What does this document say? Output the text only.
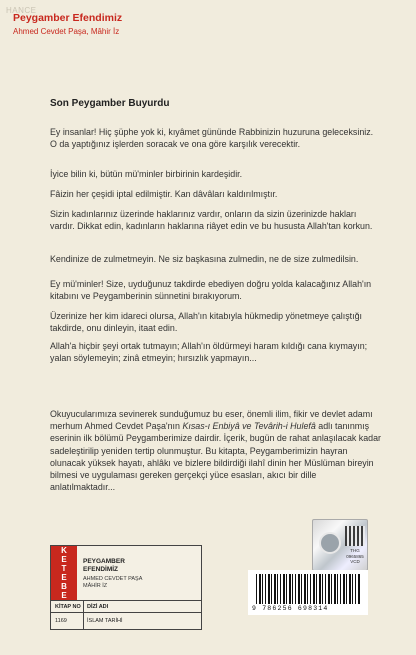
HANCE
Peygamber Efendimiz
Ahmed Cevdet Paşa, Mâhir İz
Son Peygamber Buyurdu

Ey insanlar! Hiç şüphe yok ki, kıyâmet gününde Rabbinizin huzuruna geleceksiniz. O da yaptığınız işlerden soracak ve ona göre karşılık verecektir.

İyice bilin ki, bütün mü'minler birbirinin kardeşidir.

Fâizin her çeşidi iptal edilmiştir. Kan dâvâları kaldırılmıştır.

Sizin kadınlarınız üzerinde haklarınız vardır, onların da sizin üzerinizde hakları vardır. Dikkat edin, kadınların haklarına riâyet edin ve bu hususta Allah'tan korkun.

Kendinize de zulmetmeyin. Ne siz başkasına zulmedin, ne de size zulmedilsin.

Ey mü'minler! Size, uyduğunuz takdirde ebediyen doğru yolda kalacağınız Allah'ın kitabını ve Peygamberinin sünnetini bırakıyorum.

Üzerinize her kim idareci olursa, Allah'ın kitabıyla hükmedip yönetmeye çalıştığı takdirde, onu dinleyin, itaat edin.

Allah'a hiçbir şeyi ortak tutmayın; Allah'ın öldürmeyi haram kıldığı cana kıymayın; yalan söylemeyin; zinâ etmeyin; hırsızlık yapmayın...

Okuyucularımıza sevinerek sunduğumuz bu eser, önemli ilim, fikir ve devlet adamı merhum Ahmed Cevdet Paşa'nın Kısas-ı Enbiyâ ve Tevârih-i Hulefâ adlı tanınmış eserinin ilk bölümü Peygamberimize dairdir. İçerik, bugün de rahat anlaşılacak kadar sadeleştirilip yeniden tertip olunmuştur. Bu kitapta, Peygamberimizin hayran olunacak yüksek hayatı, ahlâkı ve bizlere bildirdiği ilahî dinin her Müslüman bireyin bilmesi ve uygulaması gereken gerçekçi yüce esasları, akıcı bir dille anlatılmaktadır...

K
E
T
E
B
E
PEYGAMBER
EFENDİMİZ
AHMED CEVDET PAŞA
MÂHİR İZ
KİTAP NO DİZİ ADI
1169	İSLAM TARİHİ
THG
0965865
VCD
9 786256 698314
